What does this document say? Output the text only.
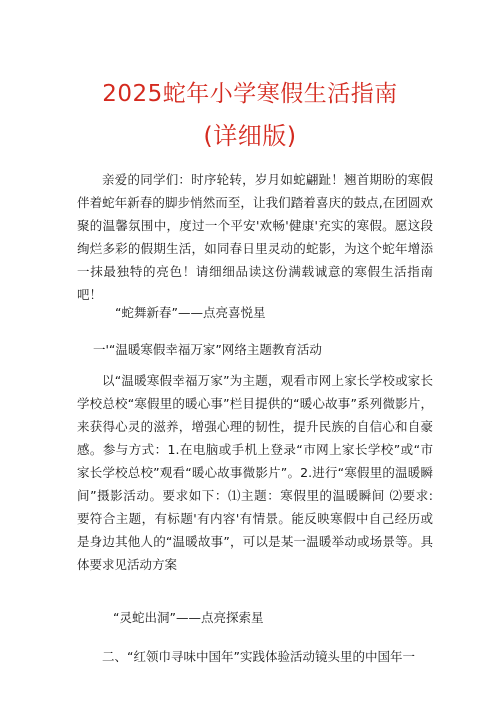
2025蛇年小学寒假生活指南
(详细版)

亲爱的同学们：时序轮转，岁月如蛇翩趾！翘首期盼的寒假伴着蛇年新春的脚步悄然而至，让我们踏着喜庆的鼓点,在团圆欢聚的温馨氛围中，度过一个平安'欢畅'健康'充实的寒假。愿这段绚烂多彩的假期生活，如同春日里灵动的蛇影，为这个蛇年增添一抹最独特的亮色！请细细品读这份满载诚意的寒假生活指南吧！

“蛇舞新春”——点亮喜悦星
一'“温暖寒假幸福万家”网络主题教育活动

以“温暖寒假幸福万家”为主题，观看市网上家长学校或家长学校总校“寒假里的暖心事”栏目提供的“暖心故事”系列微影片，来获得心灵的滋养，增强心理的韧性，提升民族的自信心和自豪感。参与方式：1.在电脑或手机上登录“市网上家长学校”或“市家长学校总校”观看“暖心故事微影片”。2.进行“寒假里的温暖瞬间”摄影活动。要求如下：⑴主题：寒假里的温暖瞬间 ⑵要求: 要符合主题，有标题'有内容'有情景。能反映寒假中自己经历或是身边其他人的“温暖故事”，可以是某一温暖举动或场景等。具体要求见活动方案

“灵蛇出洞”——点亮探索星
二、“红领巾寻味中国年”实践体验活动镜头里的中国年一
